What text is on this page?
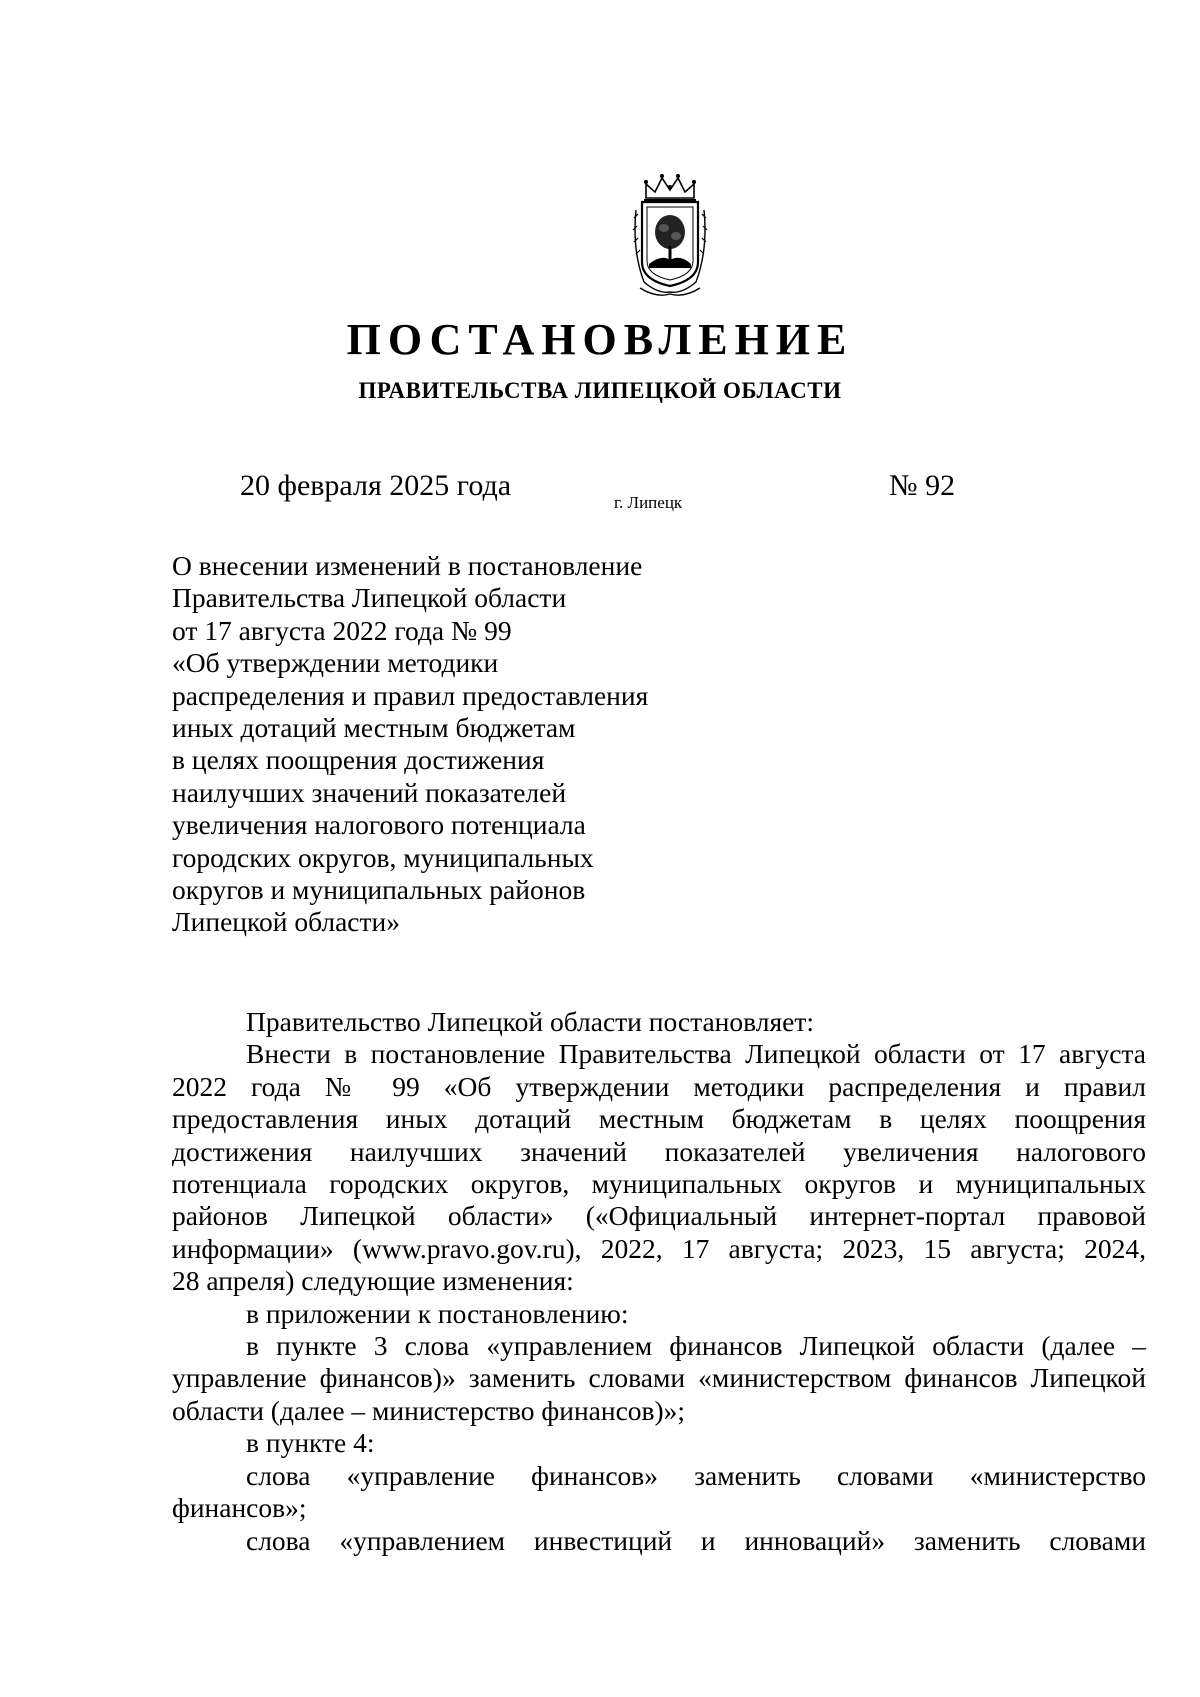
ПОСТАНОВЛЕНИЕ
ПРАВИТЕЛЬСТВА ЛИПЕЦКОЙ ОБЛАСТИ
20 февраля 2025 года
г. Липецк
№ 92
О внесении изменений в постановление
Правительства Липецкой области
от 17 августа 2022 года № 99
«Об утверждении методики
распределения и правил предоставления
иных дотаций местным бюджетам
в целях поощрения достижения
наилучших значений показателей
увеличения налогового потенциала
городских округов, муниципальных
округов и муниципальных районов
Липецкой области»
Правительство Липецкой области постановляет:
Внести в постановление Правительства Липецкой области от 17 августа
2022 года № 99 «Об утверждении методики распределения и правил
предоставления иных дотаций местным бюджетам в целях поощрения
достижения наилучших значений показателей увеличения налогового
потенциала городских округов, муниципальных округов и муниципальных
районов Липецкой области» («Официальный интернет-портал правовой
информации» (www.pravo.gov.ru), 2022, 17 августа; 2023, 15 августа; 2024,
28 апреля) следующие изменения:
в приложении к постановлению:
в пункте 3 слова «управлением финансов Липецкой области (далее –
управление финансов)» заменить словами «министерством финансов Липецкой
области (далее – министерство финансов)»;
в пункте 4:
слова «управление финансов» заменить словами «министерство
финансов»;
слова «управлением инвестиций и инноваций» заменить словами
